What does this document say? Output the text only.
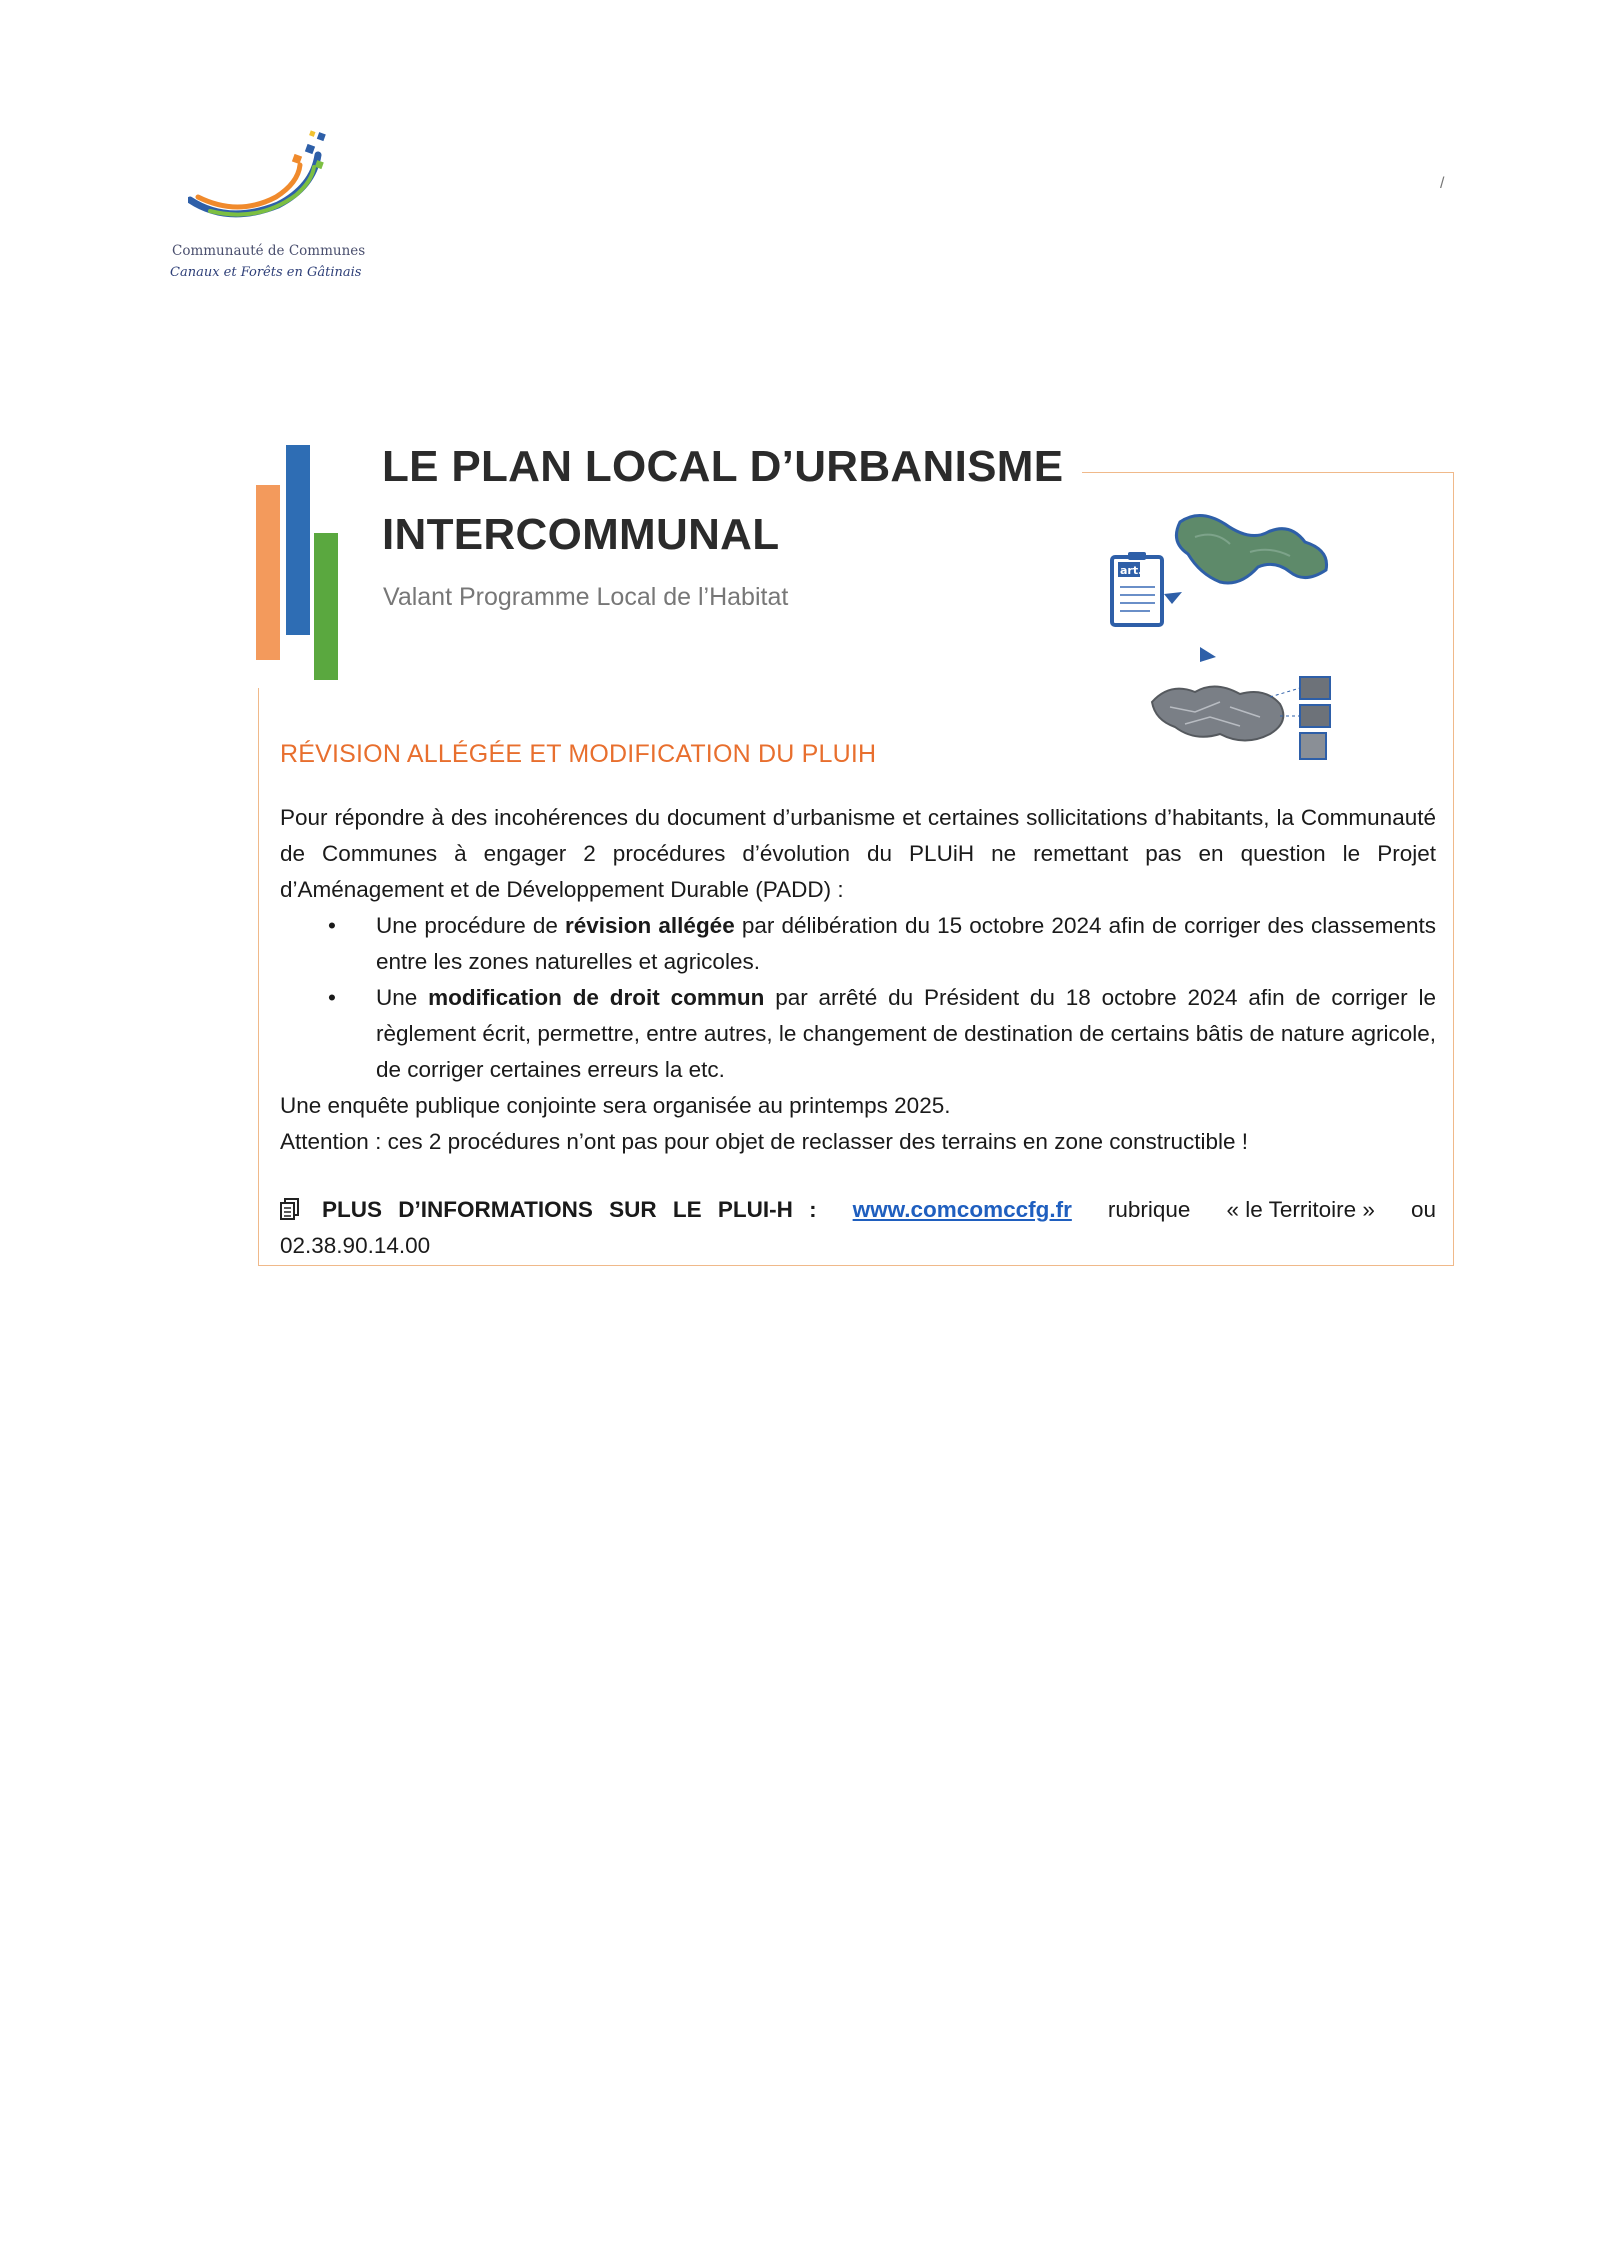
Communauté de Communes
Canaux et Forêts en Gâtinais
/
LE PLAN LOCAL D’URBANISME
INTERCOMMUNAL
Valant Programme Local de l’Habitat
art.
RÉVISION ALLÉGÉE ET MODIFICATION DU PLUIH
Pour répondre à des incohérences du document d’urbanisme et certaines sollicitations d’habitants, la Communauté de Communes à engager 2 procédures d’évolution du PLUiH ne remettant pas en question le Projet d’Aménagement et de Développement Durable (PADD) :
• Une procédure de révision allégée par délibération du 15 octobre 2024 afin de corriger des classements entre les zones naturelles et agricoles.
• Une modification de droit commun par arrêté du Président du 18 octobre 2024 afin de corriger le règlement écrit, permettre, entre autres, le changement de destination de certains bâtis de nature agricole, de corriger certaines erreurs la etc.
Une enquête publique conjointe sera organisée au printemps 2025.
Attention : ces 2 procédures n’ont pas pour objet de reclasser des terrains en zone constructible !
PLUS D’INFORMATIONS SUR LE PLUI-H : www.comcomccfg.fr rubrique « le Territoire » ou
02.38.90.14.00
